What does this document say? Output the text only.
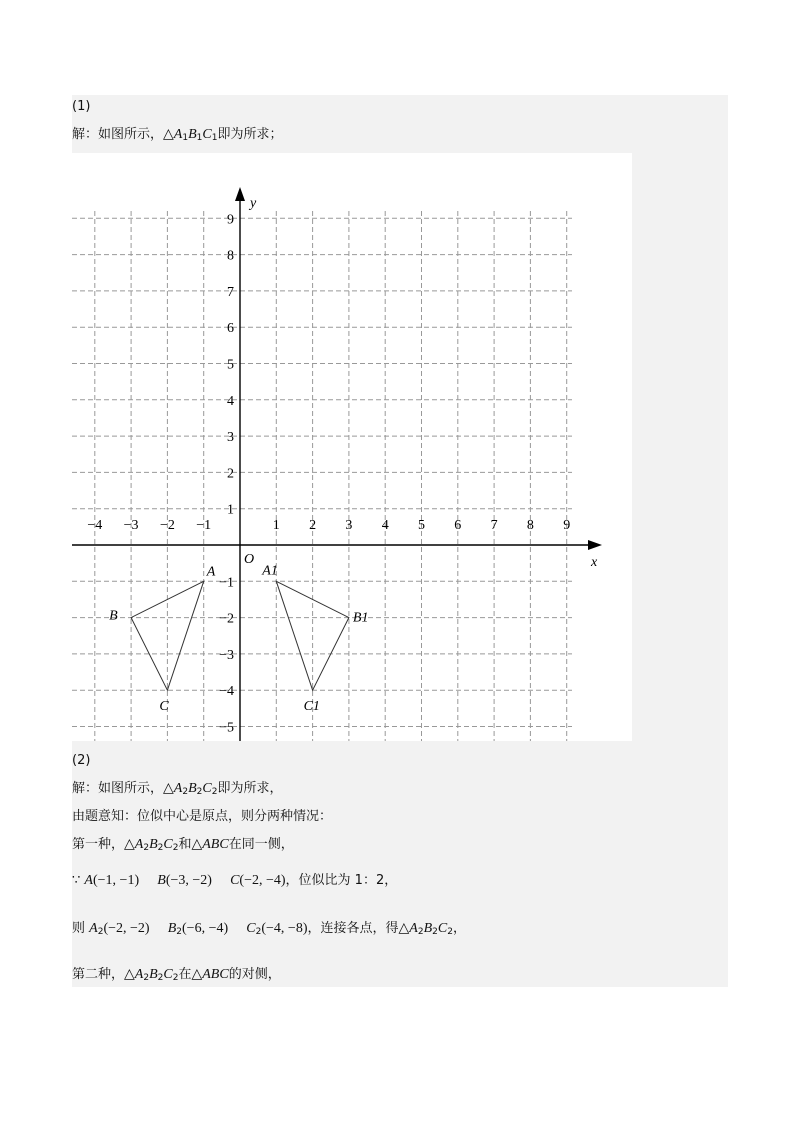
(1)
解：如图所示，$\triangle A_1B_1C_1$即为所求；
x
y
O
−4 −3 −2 −1	1 2 3 4 5 6 7 8 9
9
8
7
6
5
4
3
2
1
−1
−2
−3
−4
−5
A
B
C
A1
B1
C1
(2)
解：如图所示，$\triangle A_2B_2C_2$即为所求，
由题意知：位似中心是原点，则分两种情况：
第一种，$\triangle A_2B_2C_2$和△ABC在同一侧，
∵ A(−1, −1) B(−3, −2) C(−2, −4)，位似比为 1：2，
则 $A_2(-2$, −2) $B_2(-6$, −4) $C_2(-4$, −8)，连接各点，得$\triangle A_2B_2C_2$，
第二种，$\triangle A_2B_2C_2$在△ABC的对侧，
